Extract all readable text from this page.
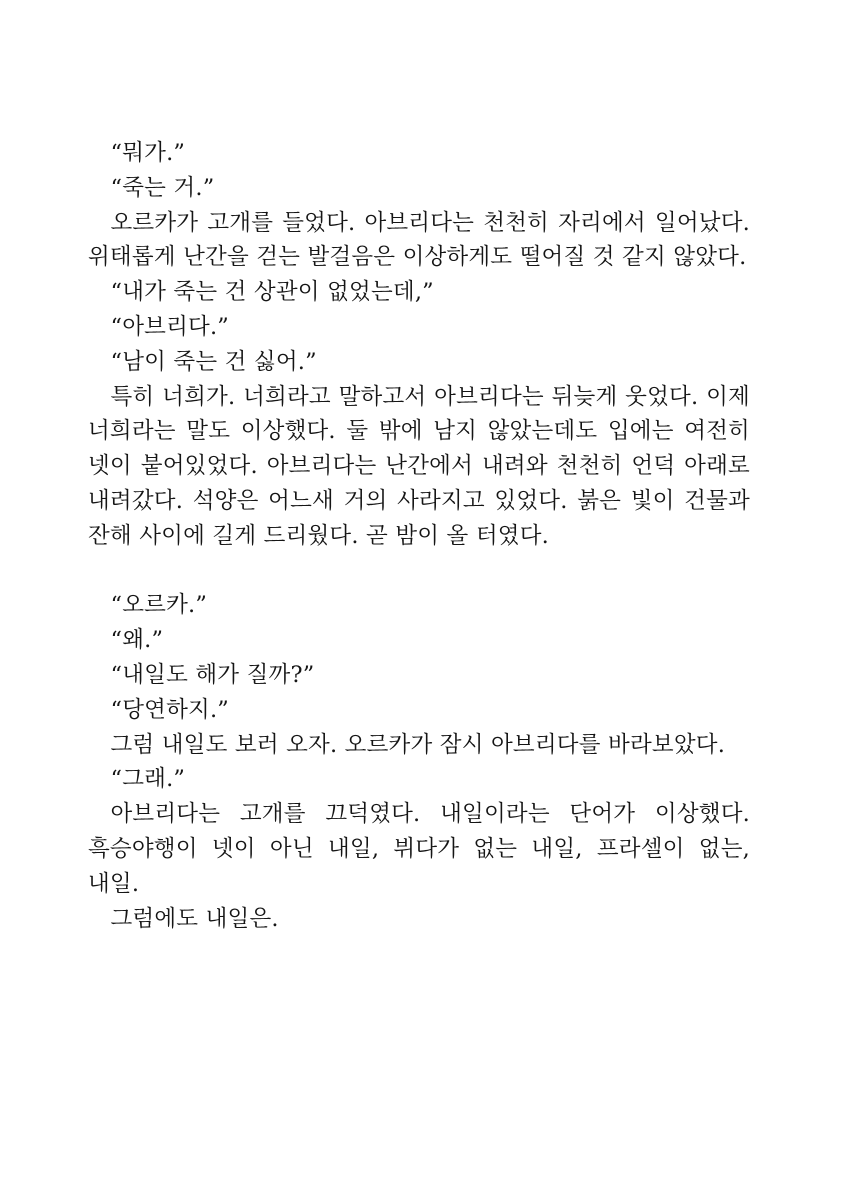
“뭐가.”

“죽는 거.”

오르카가 고개를 들었다. 아브리다는 천천히 자리에서 일어났다. 위태롭게 난간을 걷는 발걸음은 이상하게도 떨어질 것 같지 않았다.

“내가 죽는 건 상관이 없었는데,”

“아브리다.”

“남이 죽는 건 싫어.”

특히 너희가. 너희라고 말하고서 아브리다는 뒤늦게 웃었다. 이제 너희라는 말도 이상했다. 둘 밖에 남지 않았는데도 입에는 여전히 넷이 붙어있었다. 아브리다는 난간에서 내려와 천천히 언덕 아래로 내려갔다. 석양은 어느새 거의 사라지고 있었다. 붉은 빛이 건물과 잔해 사이에 길게 드리웠다. 곧 밤이 올 터였다.

“오르카.”

“왜.”

“내일도 해가 질까?”

“당연하지.”

그럼 내일도 보러 오자. 오르카가 잠시 아브리다를 바라보았다.

“그래.”

아브리다는 고개를 끄덕였다. 내일이라는 단어가 이상했다. 흑승야행이 넷이 아닌 내일, 뷔다가 없는 내일, 프라셀이 없는, 내일.

그럼에도 내일은.
